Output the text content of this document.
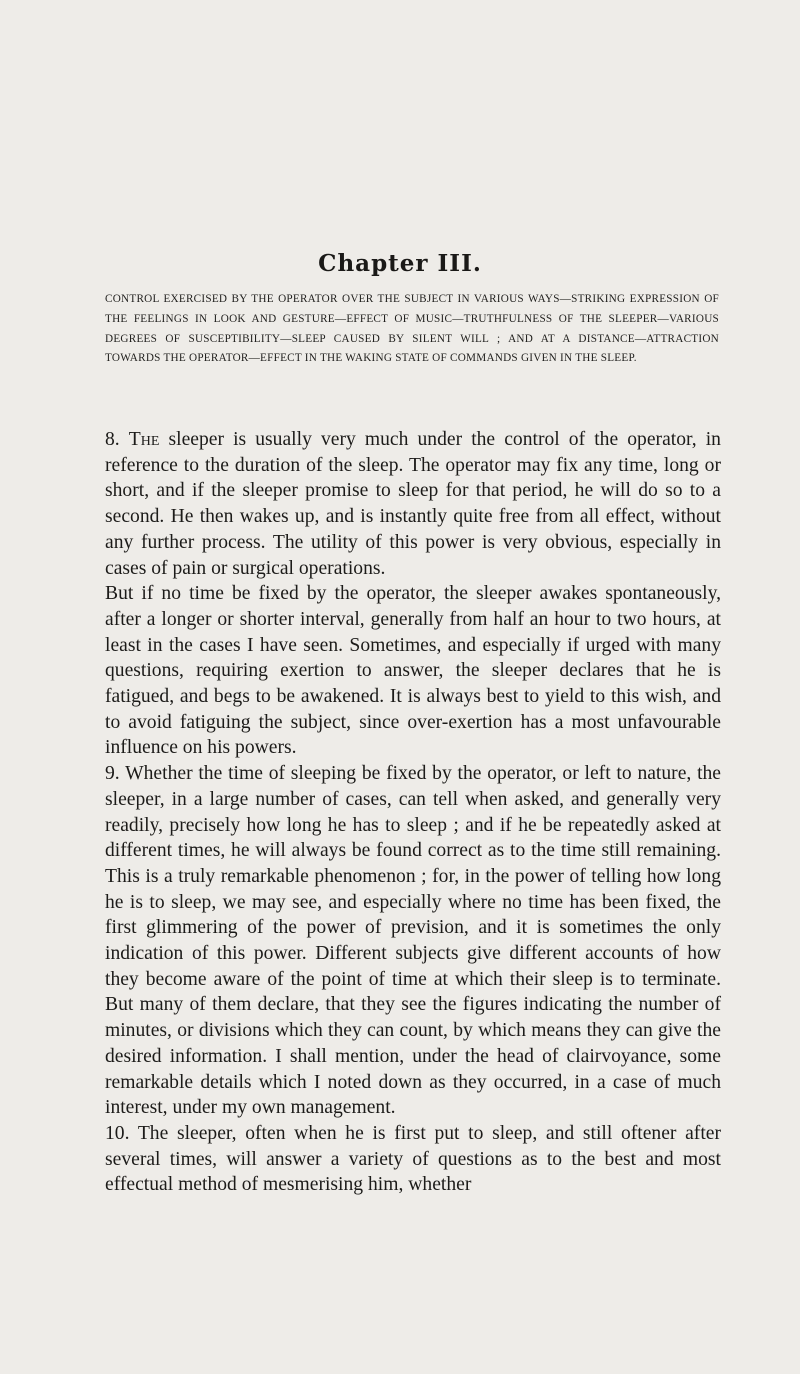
Chapter III.
CONTROL EXERCISED BY THE OPERATOR OVER THE SUBJECT IN VARIOUS WAYS—STRIKING EXPRESSION OF THE FEELINGS IN LOOK AND GESTURE—EFFECT OF MUSIC—TRUTHFULNESS OF THE SLEEPER—VARIOUS DEGREES OF SUSCEPTIBILITY—SLEEP CAUSED BY SILENT WILL ; AND AT A DISTANCE—ATTRACTION TOWARDS THE OPERATOR—EFFECT IN THE WAKING STATE OF COMMANDS GIVEN IN THE SLEEP.

8. The sleeper is usually very much under the control of the operator, in reference to the duration of the sleep. The operator may fix any time, long or short, and if the sleeper promise to sleep for that period, he will do so to a second. He then wakes up, and is instantly quite free from all effect, without any further process. The utility of this power is very obvious, especially in cases of pain or surgical operations.

But if no time be fixed by the operator, the sleeper awakes spontaneously, after a longer or shorter interval, generally from half an hour to two hours, at least in the cases I have seen. Sometimes, and especially if urged with many questions, requiring exertion to answer, the sleeper declares that he is fatigued, and begs to be awakened. It is always best to yield to this wish, and to avoid fatiguing the subject, since over-exertion has a most unfavourable influence on his powers.

9. Whether the time of sleeping be fixed by the operator, or left to nature, the sleeper, in a large number of cases, can tell when asked, and generally very readily, precisely how long he has to sleep ; and if he be repeatedly asked at different times, he will always be found correct as to the time still remaining. This is a truly remarkable phenomenon ; for, in the power of telling how long he is to sleep, we may see, and especially where no time has been fixed, the first glimmering of the power of prevision, and it is sometimes the only indication of this power. Different subjects give different accounts of how they become aware of the point of time at which their sleep is to terminate. But many of them declare, that they see the figures indicating the number of minutes, or divisions which they can count, by which means they can give the desired information. I shall mention, under the head of clairvoyance, some remarkable details which I noted down as they occurred, in a case of much interest, under my own management.

10. The sleeper, often when he is first put to sleep, and still oftener after several times, will answer a variety of questions as to the best and most effectual method of mesmerising him, whether
